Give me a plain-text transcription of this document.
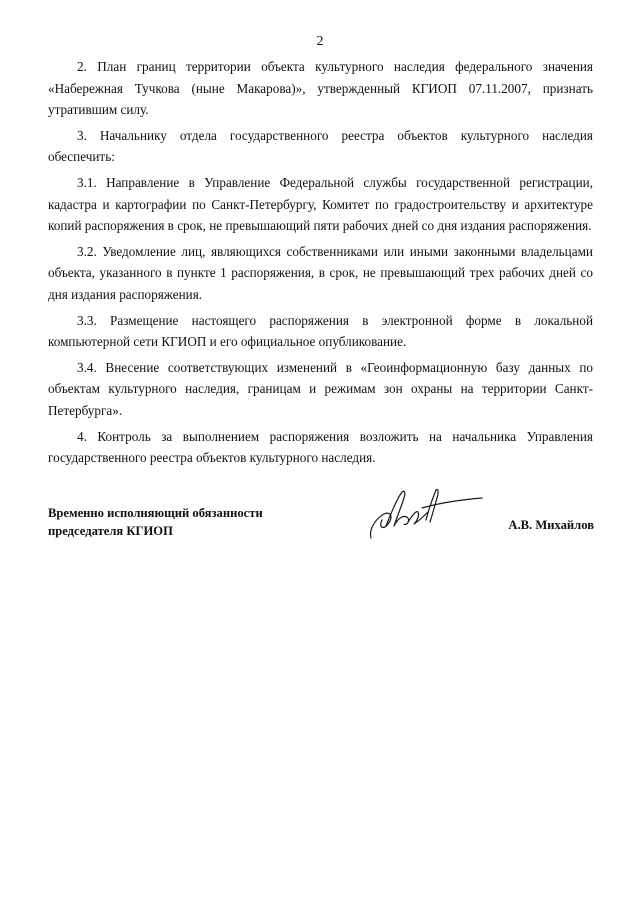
2

2. План границ территории объекта культурного наследия федерального значения «Набережная Тучкова (ныне Макарова)», утвержденный КГИОП 07.11.2007, признать утратившим силу.

3. Начальнику отдела государственного реестра объектов культурного наследия обеспечить:

3.1. Направление в Управление Федеральной службы государственной регистрации, кадастра и картографии по Санкт-Петербургу, Комитет по градостроительству и архитектуре копий распоряжения в срок, не превышающий пяти рабочих дней со дня издания распоряжения.

3.2. Уведомление лиц, являющихся собственниками или иными законными владельцами объекта, указанного в пункте 1 распоряжения, в срок, не превышающий трех рабочих дней со дня издания распоряжения.

3.3. Размещение настоящего распоряжения в электронной форме в локальной компьютерной сети КГИОП и его официальное опубликование.

3.4. Внесение соответствующих изменений в «Геоинформационную базу данных по объектам культурного наследия, границам и режимам зон охраны на территории Санкт-Петербурга».

4. Контроль за выполнением распоряжения возложить на начальника Управления государственного реестра объектов культурного наследия.

Временно исполняющий обязанности
председателя КГИОП	А.В. Михайлов
